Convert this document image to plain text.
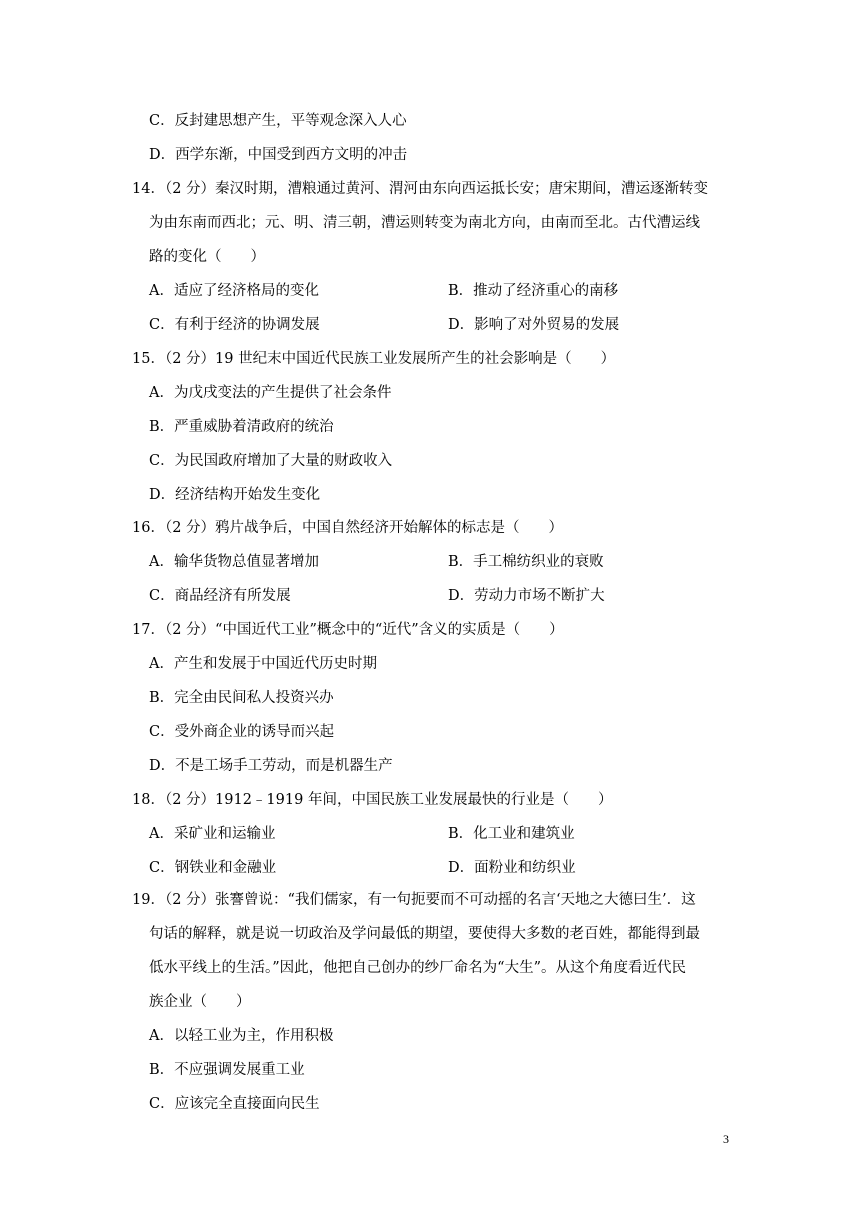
C．反封建思想产生，平等观念深入人心
D．西学东渐，中国受到西方文明的冲击
14．（2 分）秦汉时期，漕粮通过黄河、渭河由东向西运抵长安；唐宋期间，漕运逐渐转变
为由东南而西北；元、明、清三朝，漕运则转变为南北方向，由南而至北。古代漕运线
路的变化（　　）
A．适应了经济格局的变化	B．推动了经济重心的南移
C．有利于经济的协调发展	D．影响了对外贸易的发展
15．（2 分）19 世纪末中国近代民族工业发展所产生的社会影响是（　　）
A．为戊戌变法的产生提供了社会条件
B．严重威胁着清政府的统治
C．为民国政府增加了大量的财政收入
D．经济结构开始发生变化
16．（2 分）鸦片战争后，中国自然经济开始解体的标志是（　　）
A．输华货物总值显著增加	B．手工棉纺织业的衰败
C．商品经济有所发展	D．劳动力市场不断扩大
17．（2 分）“中国近代工业”概念中的“近代”含义的实质是（　　）
A．产生和发展于中国近代历史时期
B．完全由民间私人投资兴办
C．受外商企业的诱导而兴起
D．不是工场手工劳动，而是机器生产
18．（2 分）1912﹣1919 年间，中国民族工业发展最快的行业是（　　）
A．采矿业和运输业	B．化工业和建筑业
C．钢铁业和金融业	D．面粉业和纺织业
19．（2 分）张謇曾说：“我们儒家，有一句扼要而不可动摇的名言‘天地之大德曰生’．这
句话的解释，就是说一切政治及学问最低的期望，要使得大多数的老百姓，都能得到最
低水平线上的生活。”因此，他把自己创办的纱厂命名为“大生”。从这个角度看近代民
族企业（　　）
A．以轻工业为主，作用积极
B．不应强调发展重工业
C．应该完全直接面向民生
3
